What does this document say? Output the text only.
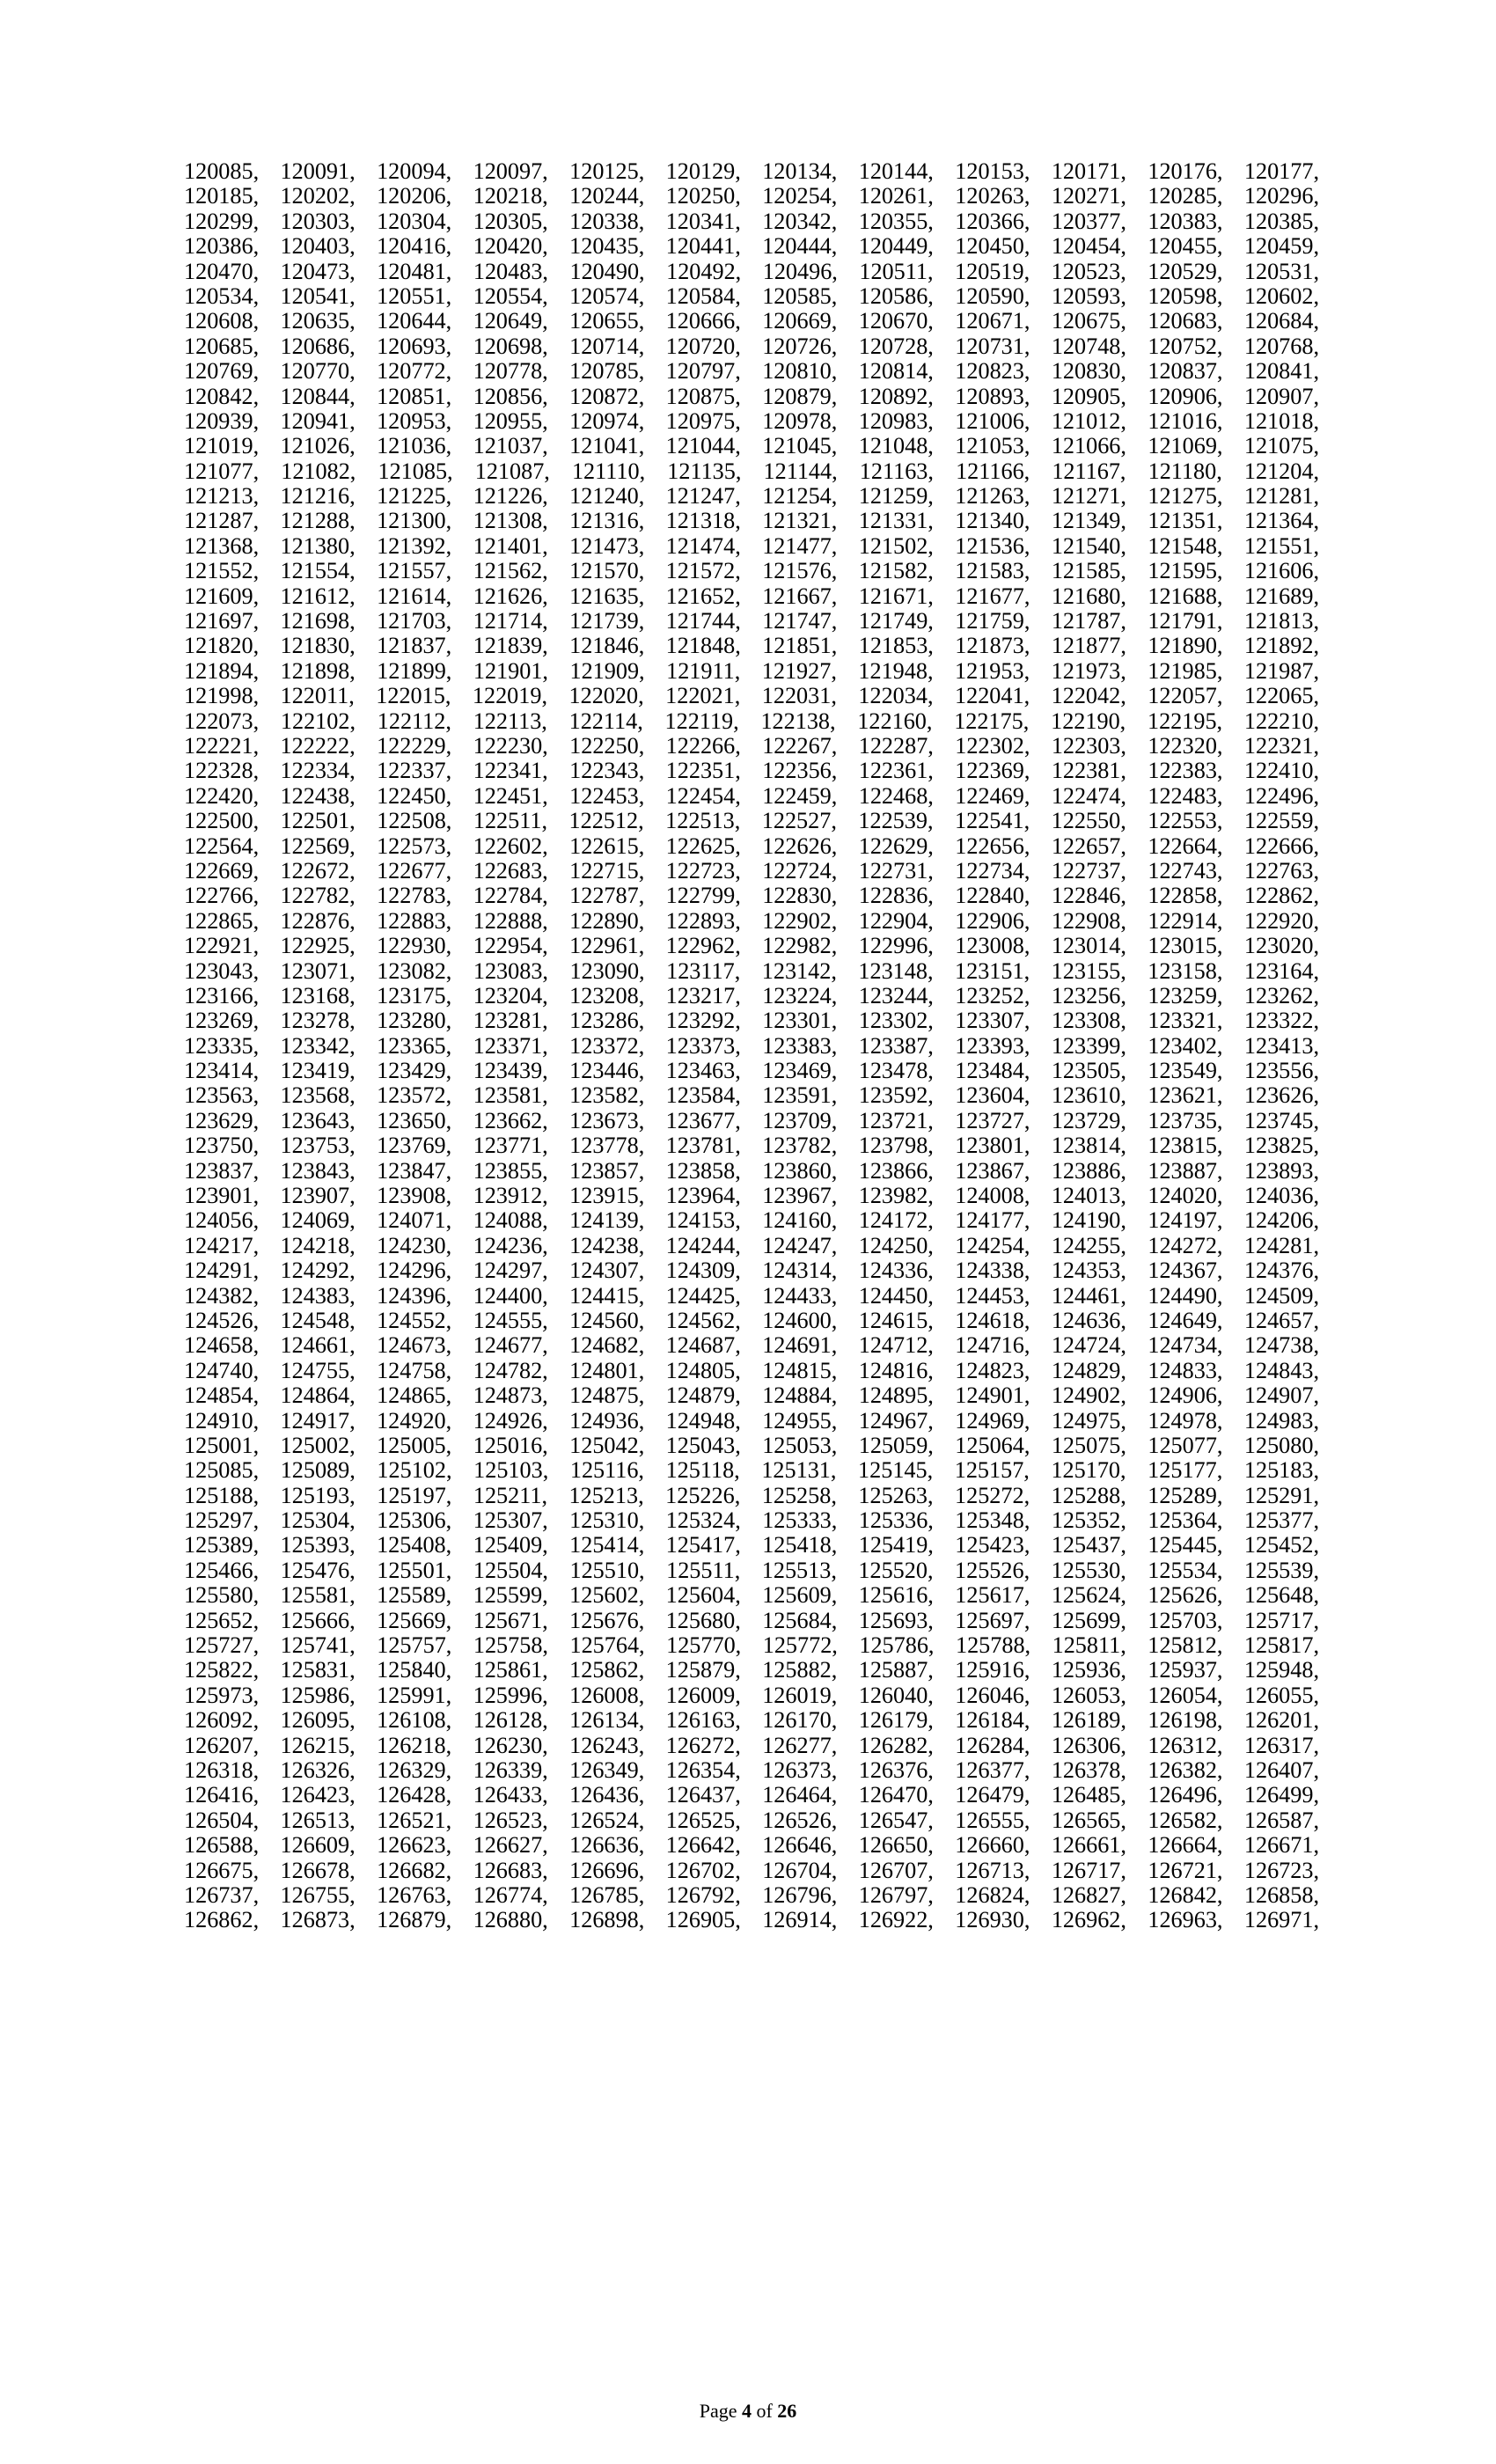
120085, 120091, 120094, 120097, 120125, 120129, 120134, 120144, 120153, 120171, 120176, 120177,
120185, 120202, 120206, 120218, 120244, 120250, 120254, 120261, 120263, 120271, 120285, 120296,
120299, 120303, 120304, 120305, 120338, 120341, 120342, 120355, 120366, 120377, 120383, 120385,
120386, 120403, 120416, 120420, 120435, 120441, 120444, 120449, 120450, 120454, 120455, 120459,
120470, 120473, 120481, 120483, 120490, 120492, 120496, 120511, 120519, 120523, 120529, 120531,
120534, 120541, 120551, 120554, 120574, 120584, 120585, 120586, 120590, 120593, 120598, 120602,
120608, 120635, 120644, 120649, 120655, 120666, 120669, 120670, 120671, 120675, 120683, 120684,
120685, 120686, 120693, 120698, 120714, 120720, 120726, 120728, 120731, 120748, 120752, 120768,
120769, 120770, 120772, 120778, 120785, 120797, 120810, 120814, 120823, 120830, 120837, 120841,
120842, 120844, 120851, 120856, 120872, 120875, 120879, 120892, 120893, 120905, 120906, 120907,
120939, 120941, 120953, 120955, 120974, 120975, 120978, 120983, 121006, 121012, 121016, 121018,
121019, 121026, 121036, 121037, 121041, 121044, 121045, 121048, 121053, 121066, 121069, 121075,
121077, 121082, 121085, 121087, 121110, 121135, 121144, 121163, 121166, 121167, 121180, 121204,
121213, 121216, 121225, 121226, 121240, 121247, 121254, 121259, 121263, 121271, 121275, 121281,
121287, 121288, 121300, 121308, 121316, 121318, 121321, 121331, 121340, 121349, 121351, 121364,
121368, 121380, 121392, 121401, 121473, 121474, 121477, 121502, 121536, 121540, 121548, 121551,
121552, 121554, 121557, 121562, 121570, 121572, 121576, 121582, 121583, 121585, 121595, 121606,
121609, 121612, 121614, 121626, 121635, 121652, 121667, 121671, 121677, 121680, 121688, 121689,
121697, 121698, 121703, 121714, 121739, 121744, 121747, 121749, 121759, 121787, 121791, 121813,
121820, 121830, 121837, 121839, 121846, 121848, 121851, 121853, 121873, 121877, 121890, 121892,
121894, 121898, 121899, 121901, 121909, 121911, 121927, 121948, 121953, 121973, 121985, 121987,
121998, 122011, 122015, 122019, 122020, 122021, 122031, 122034, 122041, 122042, 122057, 122065,
122073, 122102, 122112, 122113, 122114, 122119, 122138, 122160, 122175, 122190, 122195, 122210,
122221, 122222, 122229, 122230, 122250, 122266, 122267, 122287, 122302, 122303, 122320, 122321,
122328, 122334, 122337, 122341, 122343, 122351, 122356, 122361, 122369, 122381, 122383, 122410,
122420, 122438, 122450, 122451, 122453, 122454, 122459, 122468, 122469, 122474, 122483, 122496,
122500, 122501, 122508, 122511, 122512, 122513, 122527, 122539, 122541, 122550, 122553, 122559,
122564, 122569, 122573, 122602, 122615, 122625, 122626, 122629, 122656, 122657, 122664, 122666,
122669, 122672, 122677, 122683, 122715, 122723, 122724, 122731, 122734, 122737, 122743, 122763,
122766, 122782, 122783, 122784, 122787, 122799, 122830, 122836, 122840, 122846, 122858, 122862,
122865, 122876, 122883, 122888, 122890, 122893, 122902, 122904, 122906, 122908, 122914, 122920,
122921, 122925, 122930, 122954, 122961, 122962, 122982, 122996, 123008, 123014, 123015, 123020,
123043, 123071, 123082, 123083, 123090, 123117, 123142, 123148, 123151, 123155, 123158, 123164,
123166, 123168, 123175, 123204, 123208, 123217, 123224, 123244, 123252, 123256, 123259, 123262,
123269, 123278, 123280, 123281, 123286, 123292, 123301, 123302, 123307, 123308, 123321, 123322,
123335, 123342, 123365, 123371, 123372, 123373, 123383, 123387, 123393, 123399, 123402, 123413,
123414, 123419, 123429, 123439, 123446, 123463, 123469, 123478, 123484, 123505, 123549, 123556,
123563, 123568, 123572, 123581, 123582, 123584, 123591, 123592, 123604, 123610, 123621, 123626,
123629, 123643, 123650, 123662, 123673, 123677, 123709, 123721, 123727, 123729, 123735, 123745,
123750, 123753, 123769, 123771, 123778, 123781, 123782, 123798, 123801, 123814, 123815, 123825,
123837, 123843, 123847, 123855, 123857, 123858, 123860, 123866, 123867, 123886, 123887, 123893,
123901, 123907, 123908, 123912, 123915, 123964, 123967, 123982, 124008, 124013, 124020, 124036,
124056, 124069, 124071, 124088, 124139, 124153, 124160, 124172, 124177, 124190, 124197, 124206,
124217, 124218, 124230, 124236, 124238, 124244, 124247, 124250, 124254, 124255, 124272, 124281,
124291, 124292, 124296, 124297, 124307, 124309, 124314, 124336, 124338, 124353, 124367, 124376,
124382, 124383, 124396, 124400, 124415, 124425, 124433, 124450, 124453, 124461, 124490, 124509,
124526, 124548, 124552, 124555, 124560, 124562, 124600, 124615, 124618, 124636, 124649, 124657,
124658, 124661, 124673, 124677, 124682, 124687, 124691, 124712, 124716, 124724, 124734, 124738,
124740, 124755, 124758, 124782, 124801, 124805, 124815, 124816, 124823, 124829, 124833, 124843,
124854, 124864, 124865, 124873, 124875, 124879, 124884, 124895, 124901, 124902, 124906, 124907,
124910, 124917, 124920, 124926, 124936, 124948, 124955, 124967, 124969, 124975, 124978, 124983,
125001, 125002, 125005, 125016, 125042, 125043, 125053, 125059, 125064, 125075, 125077, 125080,
125085, 125089, 125102, 125103, 125116, 125118, 125131, 125145, 125157, 125170, 125177, 125183,
125188, 125193, 125197, 125211, 125213, 125226, 125258, 125263, 125272, 125288, 125289, 125291,
125297, 125304, 125306, 125307, 125310, 125324, 125333, 125336, 125348, 125352, 125364, 125377,
125389, 125393, 125408, 125409, 125414, 125417, 125418, 125419, 125423, 125437, 125445, 125452,
125466, 125476, 125501, 125504, 125510, 125511, 125513, 125520, 125526, 125530, 125534, 125539,
125580, 125581, 125589, 125599, 125602, 125604, 125609, 125616, 125617, 125624, 125626, 125648,
125652, 125666, 125669, 125671, 125676, 125680, 125684, 125693, 125697, 125699, 125703, 125717,
125727, 125741, 125757, 125758, 125764, 125770, 125772, 125786, 125788, 125811, 125812, 125817,
125822, 125831, 125840, 125861, 125862, 125879, 125882, 125887, 125916, 125936, 125937, 125948,
125973, 125986, 125991, 125996, 126008, 126009, 126019, 126040, 126046, 126053, 126054, 126055,
126092, 126095, 126108, 126128, 126134, 126163, 126170, 126179, 126184, 126189, 126198, 126201,
126207, 126215, 126218, 126230, 126243, 126272, 126277, 126282, 126284, 126306, 126312, 126317,
126318, 126326, 126329, 126339, 126349, 126354, 126373, 126376, 126377, 126378, 126382, 126407,
126416, 126423, 126428, 126433, 126436, 126437, 126464, 126470, 126479, 126485, 126496, 126499,
126504, 126513, 126521, 126523, 126524, 126525, 126526, 126547, 126555, 126565, 126582, 126587,
126588, 126609, 126623, 126627, 126636, 126642, 126646, 126650, 126660, 126661, 126664, 126671,
126675, 126678, 126682, 126683, 126696, 126702, 126704, 126707, 126713, 126717, 126721, 126723,
126737, 126755, 126763, 126774, 126785, 126792, 126796, 126797, 126824, 126827, 126842, 126858,
126862, 126873, 126879, 126880, 126898, 126905, 126914, 126922, 126930, 126962, 126963, 126971,
Page 4 of 26
